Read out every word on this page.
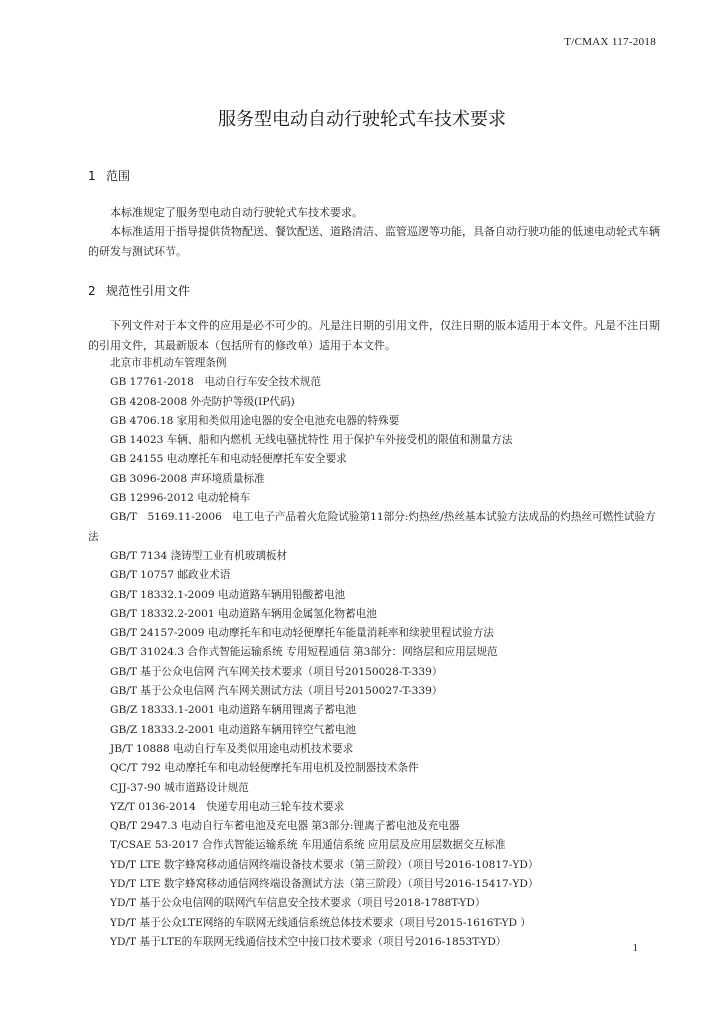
T/CMAX 117-2018
服务型电动自动行驶轮式车技术要求
1 范围
本标准规定了服务型电动自动行驶轮式车技术要求。
本标准适用于指导提供货物配送、餐饮配送、道路清洁、监管巡逻等功能，具备自动行驶功能的低速电动轮式车辆的研发与测试环节。
2 规范性引用文件
下列文件对于本文件的应用是必不可少的。凡是注日期的引用文件，仅注日期的版本适用于本文件。凡是不注日期的引用文件，其最新版本（包括所有的修改单）适用于本文件。
北京市非机动车管理条例
GB 17761-2018　电动自行车安全技术规范
GB 4208-2008 外壳防护等级(IP代码)
GB 4706.18 家用和类似用途电器的安全电池充电器的特殊要
GB 14023 车辆、船和内燃机 无线电骚扰特性 用于保护车外接受机的限值和测量方法
GB 24155 电动摩托车和电动轻便摩托车安全要求
GB 3096-2008 声环境质量标准
GB 12996-2012 电动轮椅车
GB/T　5169.11-2006　电工电子产品着火危险试验第11部分:灼热丝/热丝基本试验方法成品的灼热丝可燃性试验方法
GB/T 7134 浇铸型工业有机玻璃板材
GB/T 10757 邮政业术语
GB/T 18332.1-2009 电动道路车辆用铅酸蓄电池
GB/T 18332.2-2001 电动道路车辆用金属氢化物蓄电池
GB/T 24157-2009 电动摩托车和电动轻便摩托车能量消耗率和续驶里程试验方法
GB/T 31024.3 合作式智能运输系统 专用短程通信 第3部分：网络层和应用层规范
GB/T 基于公众电信网 汽车网关技术要求（项目号20150028-T-339）
GB/T 基于公众电信网 汽车网关测试方法（项目号20150027-T-339）
GB/Z 18333.1-2001 电动道路车辆用锂离子蓄电池
GB/Z 18333.2-2001 电动道路车辆用锌空气蓄电池
JB/T 10888 电动自行车及类似用途电动机技术要求
QC/T 792 电动摩托车和电动轻便摩托车用电机及控制器技术条件
CJJ-37-90 城市道路设计规范
YZ/T 0136-2014　快递专用电动三轮车技术要求
QB/T 2947.3 电动自行车蓄电池及充电器 第3部分:锂离子蓄电池及充电器
T/CSAE 53-2017 合作式智能运输系统 车用通信系统 应用层及应用层数据交互标准
YD/T LTE 数字蜂窝移动通信网终端设备技术要求（第三阶段）（项目号2016-10817-YD）
YD/T LTE 数字蜂窝移动通信网终端设备测试方法（第三阶段）（项目号2016-15417-YD）
YD/T 基于公众电信网的联网汽车信息安全技术要求（项目号2018-1788T-YD）
YD/T 基于公众LTE网络的车联网无线通信系统总体技术要求（项目号2015-1616T-YD ）
YD/T 基于LTE的车联网无线通信技术空中接口技术要求（项目号2016-1853T-YD）
1
